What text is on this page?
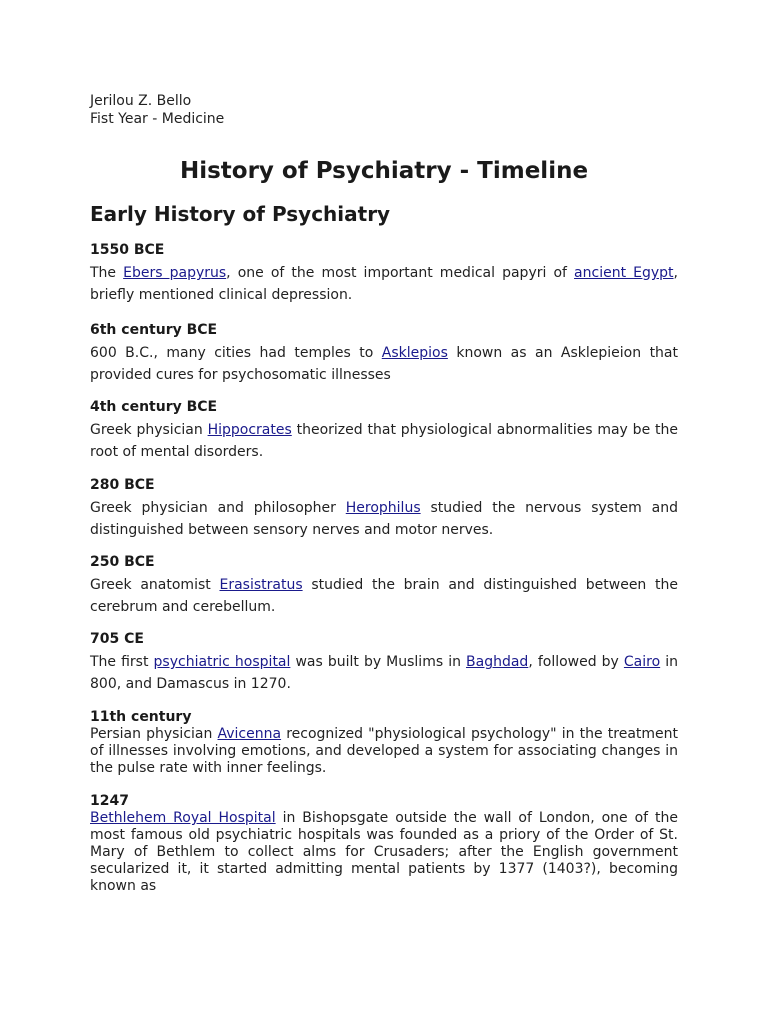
Jerilou Z. Bello
Fist Year - Medicine
History of Psychiatry - Timeline
Early History of Psychiatry
1550 BCE
The Ebers papyrus, one of the most important medical papyri of ancient Egypt, briefly mentioned clinical depression.
6th century BCE
600 B.C., many cities had temples to Asklepios known as an Asklepieion that provided cures for psychosomatic illnesses
4th century BCE
Greek physician Hippocrates theorized that physiological abnormalities may be the root of mental disorders.
280 BCE
Greek physician and philosopher Herophilus studied the nervous system and distinguished between sensory nerves and motor nerves.
250 BCE
Greek anatomist Erasistratus studied the brain and distinguished between the cerebrum and cerebellum.
705 CE
The first psychiatric hospital was built by Muslims in Baghdad, followed by Cairo in 800, and Damascus in 1270.
11th century
Persian physician Avicenna recognized "physiological psychology" in the treatment of illnesses involving emotions, and developed a system for associating changes in the pulse rate with inner feelings.
1247
Bethlehem Royal Hospital in Bishopsgate outside the wall of London, one of the most famous old psychiatric hospitals was founded as a priory of the Order of St. Mary of Bethlem to collect alms for Crusaders; after the English government secularized it, it started admitting mental patients by 1377 (1403?), becoming known as
